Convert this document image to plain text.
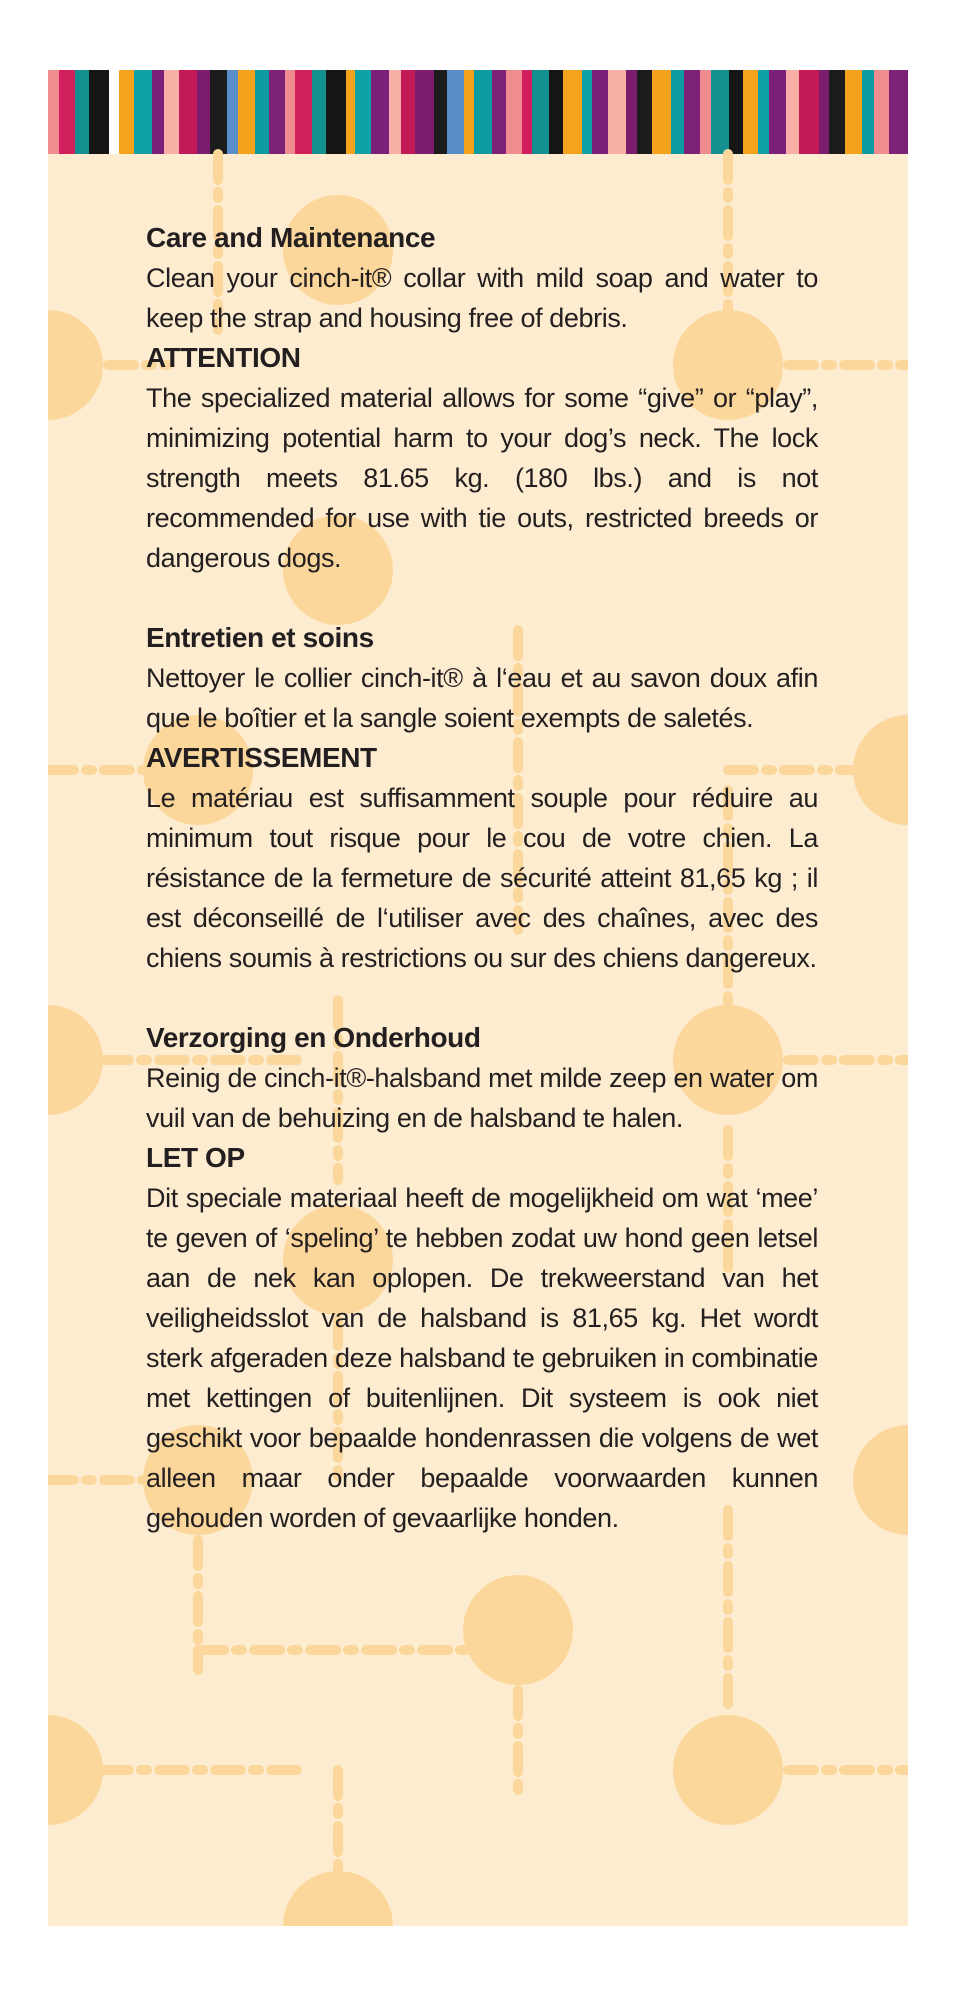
Care and Maintenance

Clean your cinch-it® collar with mild soap and water to keep the strap and housing free of debris.

ATTENTION

The specialized material allows for some “give” or “play”, minimizing potential harm to your dog’s neck. The lock strength meets 81.65 kg. (180 lbs.) and is not recommended for use with tie outs, restricted breeds or dangerous dogs.

Entretien et soins

Nettoyer le collier cinch-it® à l‘eau et au savon doux afin que le boîtier et la sangle soient exempts de saletés.

AVERTISSEMENT

Le matériau est suffisamment souple pour réduire au minimum tout risque pour le cou de votre chien. La résistance de la fermeture de sécurité atteint 81,65 kg ; il est déconseillé de l‘utiliser avec des chaînes, avec des chiens soumis à restrictions ou sur des chiens dangereux.

Verzorging en Onderhoud

Reinig de cinch-it®-halsband met milde zeep en water om vuil van de behuizing en de halsband te halen.

LET OP

Dit speciale materiaal heeft de mogelijkheid om wat ‘mee’ te geven of ‘speling’ te hebben zodat uw hond geen letsel aan de nek kan oplopen. De trekweerstand van het veiligheidsslot van de halsband is 81,65 kg. Het wordt sterk afgeraden deze halsband te gebruiken in combinatie met kettingen of buitenlijnen. Dit systeem is ook niet geschikt voor bepaalde hondenrassen die volgens de wet alleen maar onder bepaalde voorwaarden kunnen gehouden worden of gevaarlijke honden.
